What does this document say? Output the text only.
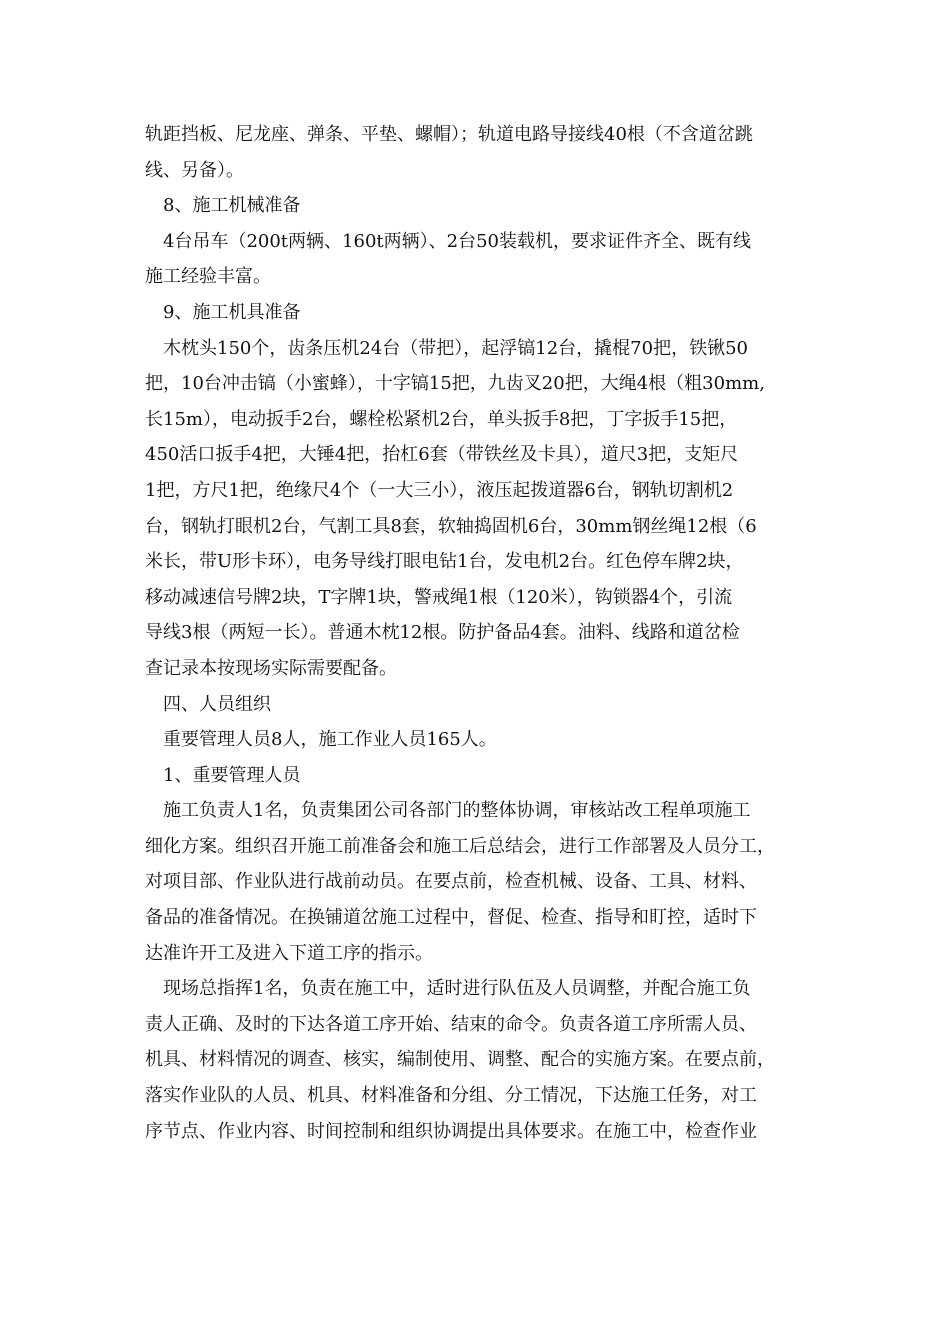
轨距挡板、尼龙座、弹条、平垫、螺帽）；轨道电路导接线40根（不含道岔跳
线、另备）。
8、施工机械准备
4台吊车（200t两辆、160t两辆）、2台50装载机，要求证件齐全、既有线
施工经验丰富。
9、施工机具准备
木枕头150个，齿条压机24台（带把），起浮镐12台，撬棍70把，铁锹50
把，10台冲击镐（小蜜蜂），十字镐15把，九齿叉20把，大绳4根（粗30mm,
长15m），电动扳手2台，螺栓松紧机2台，单头扳手8把，丁字扳手15把，
450活口扳手4把，大锤4把，抬杠6套（带铁丝及卡具），道尺3把，支矩尺
1把，方尺1把，绝缘尺4个（一大三小），液压起拨道器6台，钢轨切割机2
台，钢轨打眼机2台，气割工具8套，软轴捣固机6台，30mm钢丝绳12根（6
米长，带U形卡环），电务导线打眼电钻1台，发电机2台。红色停车牌2块，
移动减速信号牌2块，T字牌1块，警戒绳1根（120米），钩锁器4个，引流
导线3根（两短一长）。普通木枕12根。防护备品4套。油料、线路和道岔检
查记录本按现场实际需要配备。
四、人员组织
重要管理人员8人，施工作业人员165人。
1、重要管理人员
施工负责人1名，负责集团公司各部门的整体协调，审核站改工程单项施工
细化方案。组织召开施工前准备会和施工后总结会，进行工作部署及人员分工，
对项目部、作业队进行战前动员。在要点前，检查机械、设备、工具、材料、
备品的准备情况。在换铺道岔施工过程中，督促、检查、指导和盯控，适时下
达准许开工及进入下道工序的指示。
现场总指挥1名，负责在施工中，适时进行队伍及人员调整，并配合施工负
责人正确、及时的下达各道工序开始、结束的命令。负责各道工序所需人员、
机具、材料情况的调查、核实，编制使用、调整、配合的实施方案。在要点前，
落实作业队的人员、机具、材料准备和分组、分工情况，下达施工任务，对工
序节点、作业内容、时间控制和组织协调提出具体要求。在施工中，检查作业
